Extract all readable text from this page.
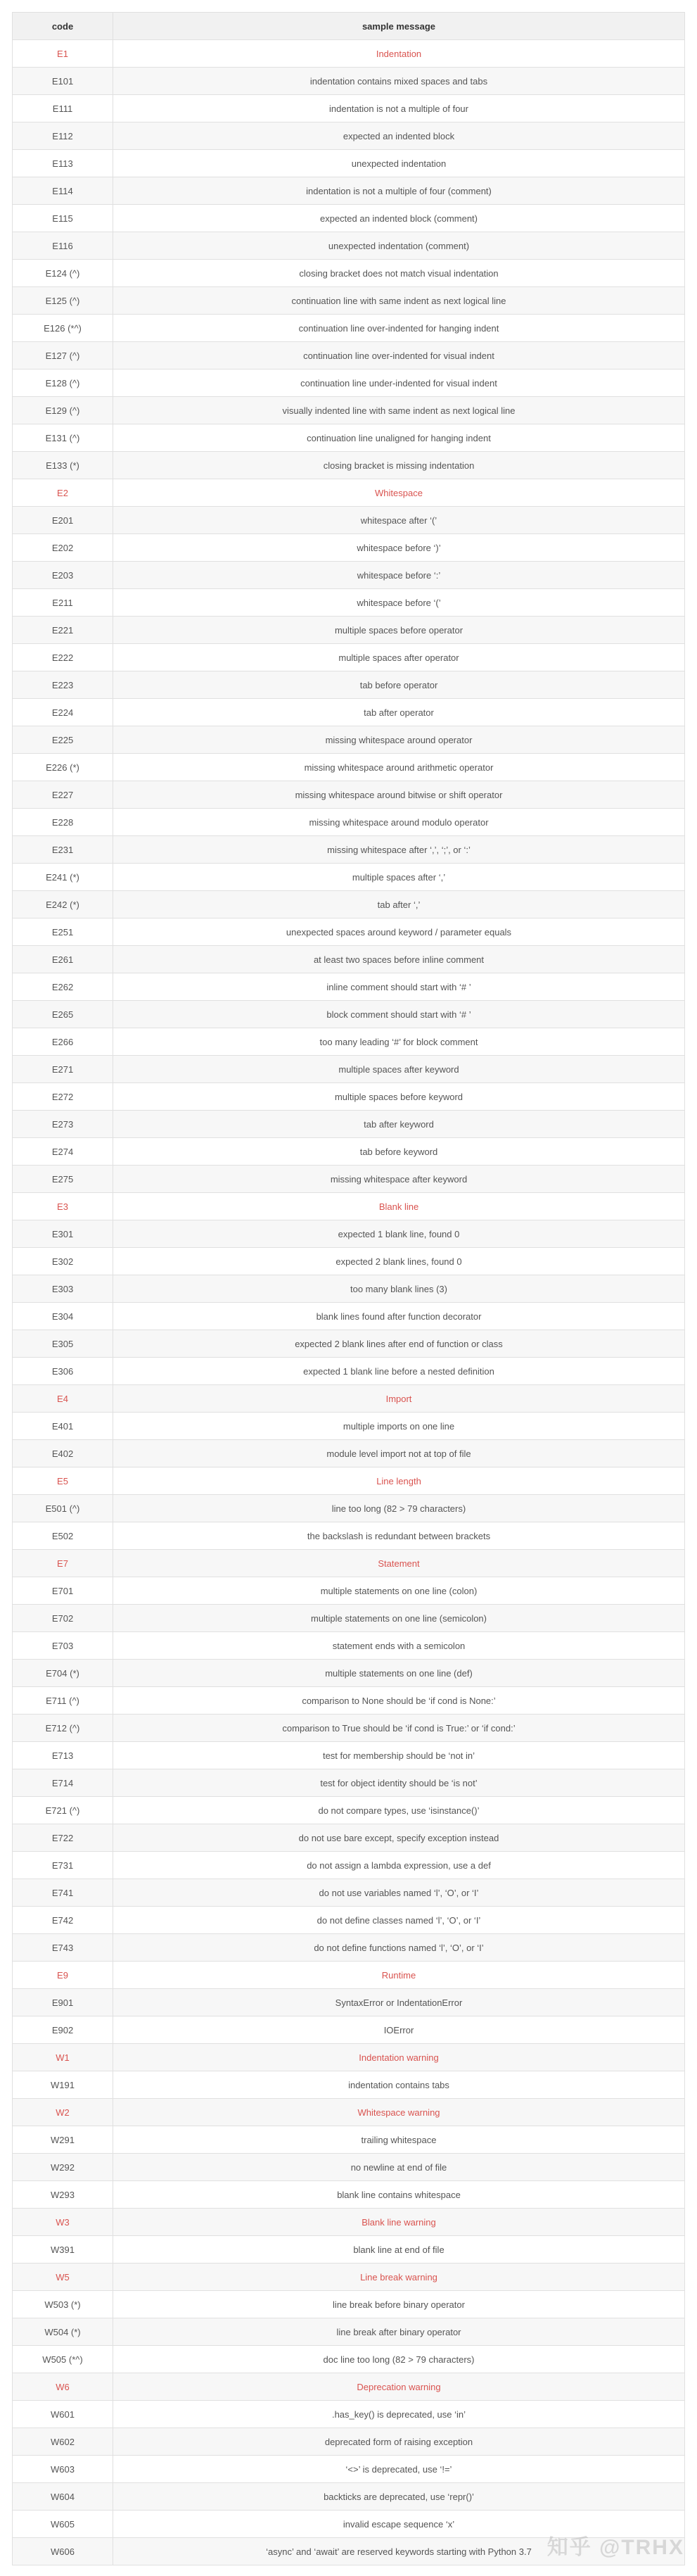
code	sample message
E1	Indentation
E101	indentation contains mixed spaces and tabs
E111	indentation is not a multiple of four
E112	expected an indented block
E113	unexpected indentation
E114	indentation is not a multiple of four (comment)
E115	expected an indented block (comment)
E116	unexpected indentation (comment)
E124 (^)	closing bracket does not match visual indentation
E125 (^)	continuation line with same indent as next logical line
E126 (*^)	continuation line over-indented for hanging indent
E127 (^)	continuation line over-indented for visual indent
E128 (^)	continuation line under-indented for visual indent
E129 (^)	visually indented line with same indent as next logical line
E131 (^)	continuation line unaligned for hanging indent
E133 (*)	closing bracket is missing indentation
E2	Whitespace
E201	whitespace after ‘(’
E202	whitespace before ‘)’
E203	whitespace before ‘:’
E211	whitespace before ‘(’
E221	multiple spaces before operator
E222	multiple spaces after operator
E223	tab before operator
E224	tab after operator
E225	missing whitespace around operator
E226 (*)	missing whitespace around arithmetic operator
E227	missing whitespace around bitwise or shift operator
E228	missing whitespace around modulo operator
E231	missing whitespace after ‘,’, ‘;’, or ‘:’
E241 (*)	multiple spaces after ‘,’
E242 (*)	tab after ‘,’
E251	unexpected spaces around keyword / parameter equals
E261	at least two spaces before inline comment
E262	inline comment should start with ‘# ’
E265	block comment should start with ‘# ’
E266	too many leading ‘#’ for block comment
E271	multiple spaces after keyword
E272	multiple spaces before keyword
E273	tab after keyword
E274	tab before keyword
E275	missing whitespace after keyword
E3	Blank line
E301	expected 1 blank line, found 0
E302	expected 2 blank lines, found 0
E303	too many blank lines (3)
E304	blank lines found after function decorator
E305	expected 2 blank lines after end of function or class
E306	expected 1 blank line before a nested definition
E4	Import
E401	multiple imports on one line
E402	module level import not at top of file
E5	Line length
E501 (^)	line too long (82 > 79 characters)
E502	the backslash is redundant between brackets
E7	Statement
E701	multiple statements on one line (colon)
E702	multiple statements on one line (semicolon)
E703	statement ends with a semicolon
E704 (*)	multiple statements on one line (def)
E711 (^)	comparison to None should be ‘if cond is None:’
E712 (^)	comparison to True should be ‘if cond is True:’ or ‘if cond:’
E713	test for membership should be ‘not in’
E714	test for object identity should be ‘is not’
E721 (^)	do not compare types, use ‘isinstance()’
E722	do not use bare except, specify exception instead
E731	do not assign a lambda expression, use a def
E741	do not use variables named ‘l’, ‘O’, or ‘I’
E742	do not define classes named ‘l’, ‘O’, or ‘I’
E743	do not define functions named ‘l’, ‘O’, or ‘I’
E9	Runtime
E901	SyntaxError or IndentationError
E902	IOError
W1	Indentation warning
W191	indentation contains tabs
W2	Whitespace warning
W291	trailing whitespace
W292	no newline at end of file
W293	blank line contains whitespace
W3	Blank line warning
W391	blank line at end of file
W5	Line break warning
W503 (*)	line break before binary operator
W504 (*)	line break after binary operator
W505 (*^)	doc line too long (82 > 79 characters)
W6	Deprecation warning
W601	.has_key() is deprecated, use ‘in’
W602	deprecated form of raising exception
W603	‘<>’ is deprecated, use ‘!=’
W604	backticks are deprecated, use ‘repr()’
W605	invalid escape sequence ‘x’
W606	‘async’ and ‘await’ are reserved keywords starting with Python 3.7 知乎 @TRHX
